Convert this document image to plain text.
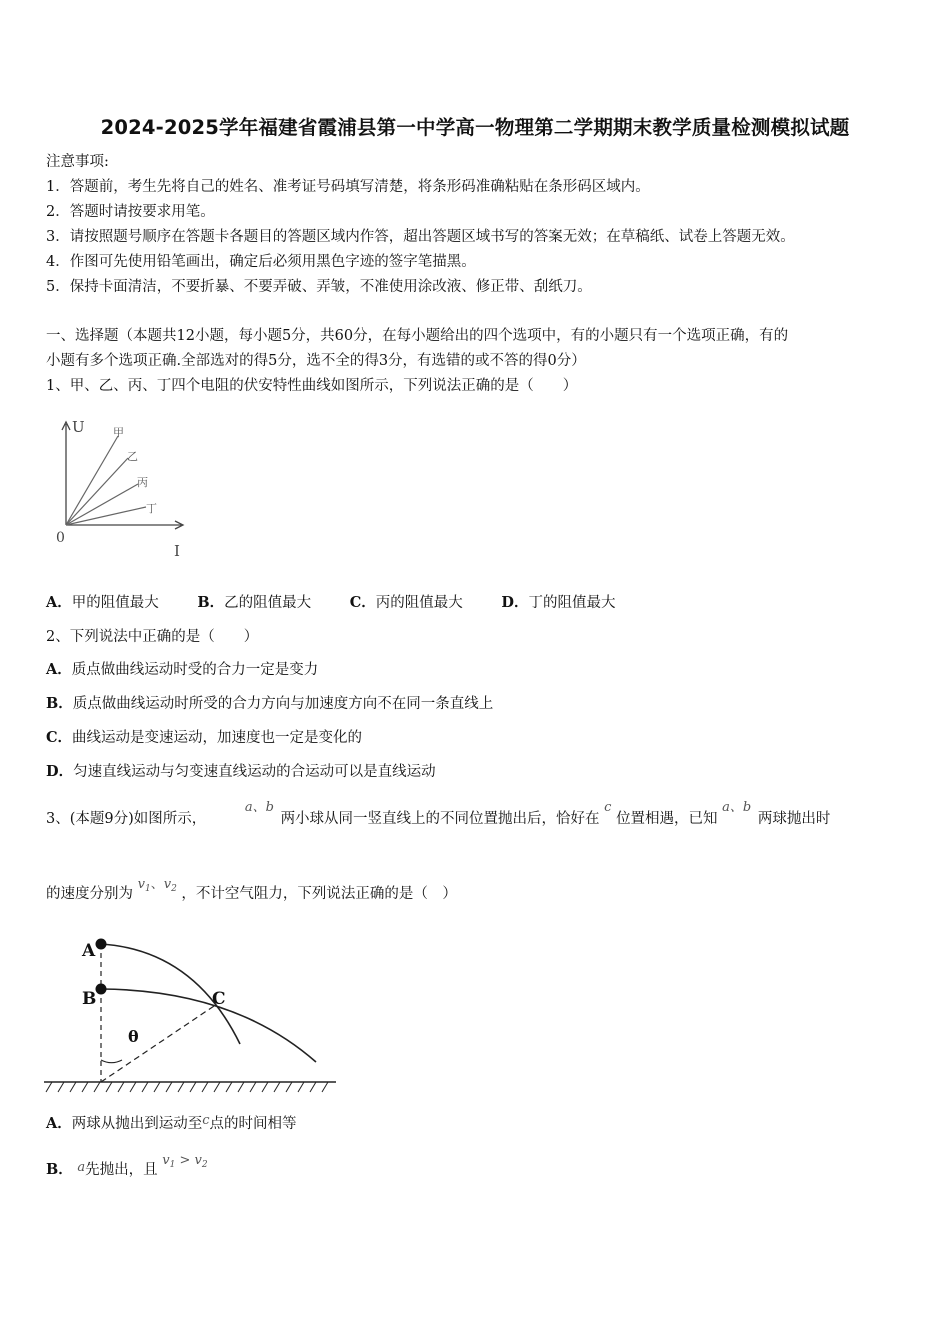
2024-2025学年福建省霞浦县第一中学高一物理第二学期期末教学质量检测模拟试题
注意事项:
1．答题前，考生先将自己的姓名、准考证号码填写清楚，将条形码准确粘贴在条形码区域内。
2．答题时请按要求用笔。
3．请按照题号顺序在答题卡各题目的答题区域内作答，超出答题区域书写的答案无效；在草稿纸、试卷上答题无效。
4．作图可先使用铅笔画出，确定后必须用黑色字迹的签字笔描黑。
5．保持卡面清洁，不要折暴、不要弄破、弄皱，不准使用涂改液、修正带、刮纸刀。
一、选择题（本题共12小题，每小题5分，共60分，在每小题给出的四个选项中，有的小题只有一个选项正确，有的
小题有多个选项正确.全部选对的得5分，选不全的得3分，有选错的或不答的得0分）
1、甲、乙、丙、丁四个电阻的伏安特性曲线如图所示，下列说法正确的是（　　）
U
I
0
甲
乙
丙
丁
A．甲的阻值最大	B．乙的阻值最大	C．丙的阻值最大	D．丁的阻值最大
2、下列说法中正确的是（　　）
A．质点做曲线运动时受的合力一定是变力
B．质点做曲线运动时所受的合力方向与加速度方向不在同一条直线上
C．曲线运动是变速运动，加速度也一定是变化的
D．匀速直线运动与匀变速直线运动的合运动可以是直线运动
3、(本题9分)如图所示， a、b 两小球从同一竖直线上的不同位置抛出后，恰好在 c 位置相遇，已知 a、b 两球抛出时
的速度分别为 $v_1$、$v_2$ ，不计空气阻力，下列说法正确的是（　）
A
B	C
θ
A．两球从抛出到运动至c点的时间相等
B． a先抛出，且 $v_1 > v_2$
